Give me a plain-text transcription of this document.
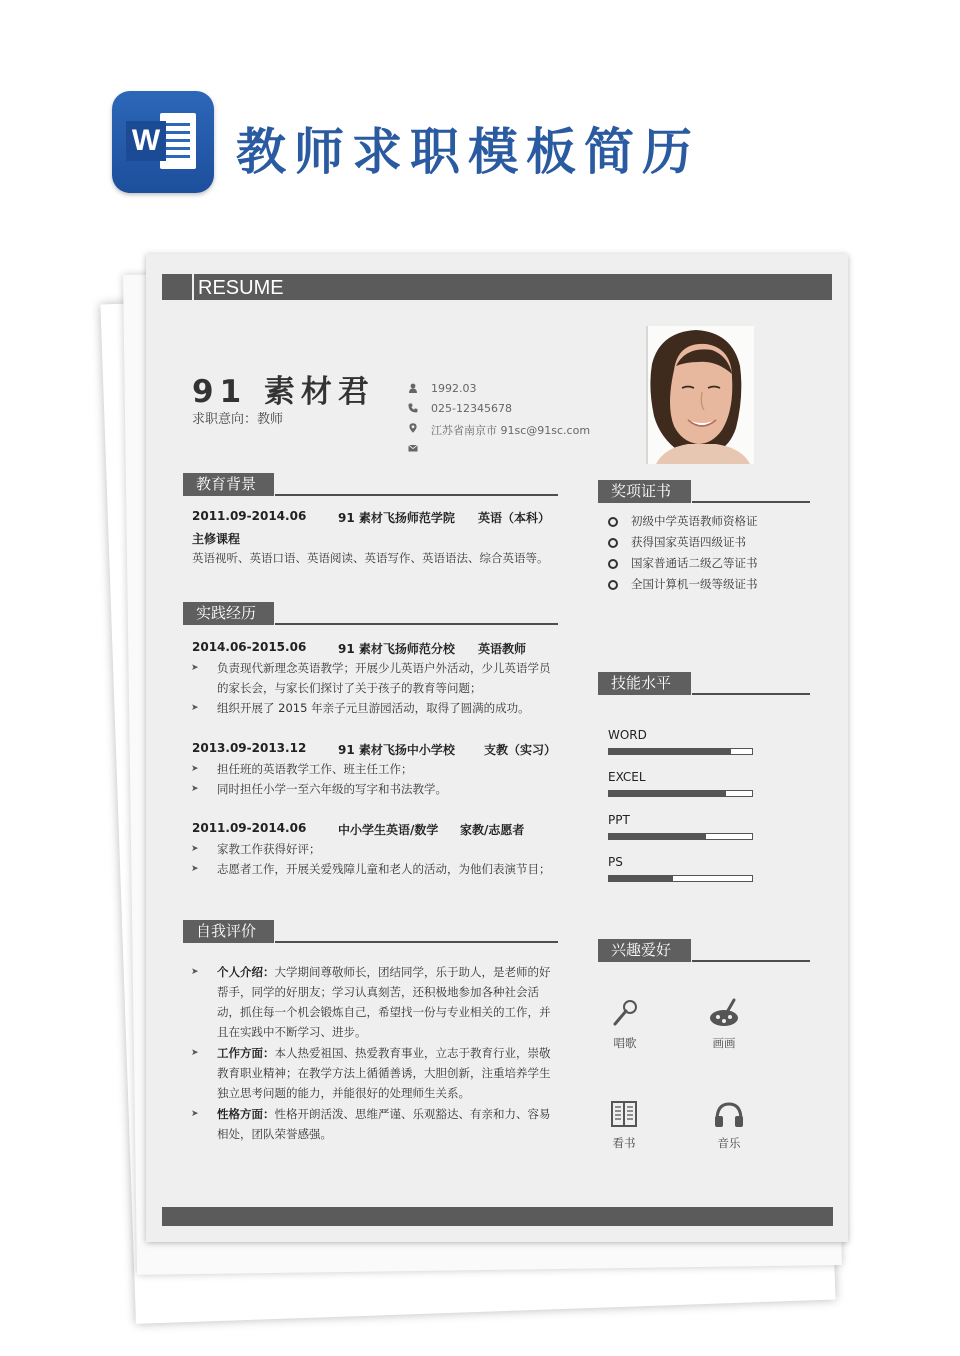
W 教师求职模板简历
RESUME
91 素材君
求职意向：教师
1992.03
025-12345678
江苏省南京市 91sc@91sc.com
教育背景
2011.09-2014.06	91 素材飞扬师范学院 英语（本科）
主修课程
英语视听、英语口语、英语阅读、英语写作、英语语法、综合英语等。
实践经历
2014.06-2015.06	91 素材飞扬师范分校 英语教师
➤	负责现代新理念英语教学；开展少儿英语户外活动，少儿英语学员的家长会，与家长们探讨了关于孩子的教育等问题；
➤	组织开展了 2015 年亲子元旦游园活动，取得了圆满的成功。
2013.09-2013.12	91 素材飞扬中小学校 支教（实习）
➤	担任班的英语教学工作、班主任工作；
➤	同时担任小学一至六年级的写字和书法教学。
2011.09-2014.06	中小学生英语/数学 家教/志愿者
➤	家教工作获得好评；
➤	志愿者工作，开展关爱残障儿童和老人的活动，为他们表演节目；
自我评价
➤	个人介绍：大学期间尊敬师长，团结同学，乐于助人，是老师的好帮手，同学的好朋友；学习认真刻苦，还积极地参加各种社会活动，抓住每一个机会锻炼自己，希望找一份与专业相关的工作，并且在实践中不断学习、进步。
➤	工作方面：本人热爱祖国、热爱教育事业，立志于教育行业，崇敬教育职业精神；在教学方法上循循善诱，大胆创新，注重培养学生独立思考问题的能力，并能很好的处理师生关系。
➤	性格方面：性格开朗活泼、思维严谨、乐观豁达、有亲和力、容易相处，团队荣誉感强。
奖项证书
初级中学英语教师资格证
获得国家英语四级证书
国家普通话二级乙等证书
全国计算机一级等级证书
技能水平
WORD
EXCEL
PPT
PS
兴趣爱好
唱歌	画画
看书	音乐
